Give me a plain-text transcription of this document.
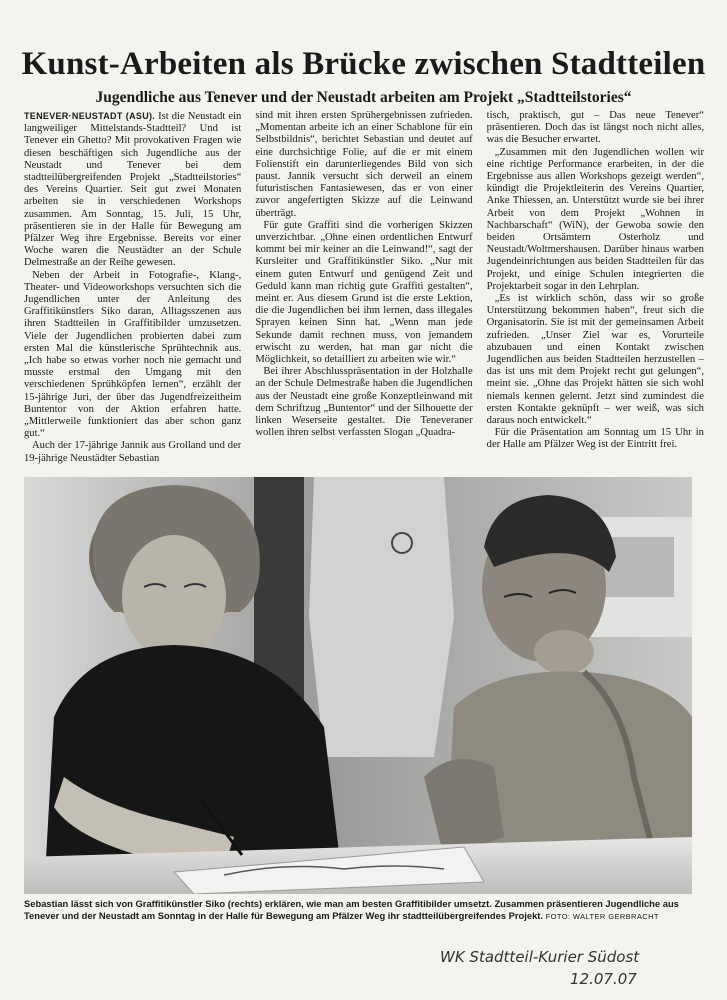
Kunst-Arbeiten als Brücke zwischen Stadtteilen
Jugendliche aus Tenever und der Neustadt arbeiten am Projekt „Stadtteilstories“

TENEVER·NEUSTADT (ASU). Ist die Neustadt ein langweiliger Mittelstands-Stadtteil? Und ist Tenever ein Ghetto? Mit provokativen Fragen wie diesen beschäftigen sich Jugendliche aus der Neustadt und Tenever bei dem stadtteilübergreifenden Projekt „Stadtteilstories“ des Vereins Quartier. Seit gut zwei Monaten arbeiten sie in verschiedenen Workshops zusammen. Am Sonntag, 15. Juli, 15 Uhr, präsentieren sie in der Halle für Bewegung am Pfälzer Weg ihre Ergebnisse. Bereits vor einer Woche waren die Neustädter an der Schule Delmestraße an der Reihe gewesen.

Neben der Arbeit in Fotografie-, Klang-, Theater- und Videoworkshops versuchten sich die Jugendlichen unter der Anleitung des Graffitikünstlers Siko daran, Alltagsszenen aus ihren Stadtteilen in Graffitibilder umzusetzen. Viele der Jugendlichen probierten dabei zum ersten Mal die künstlerische Sprühtechnik aus. „Ich habe so etwas vorher noch nie gemacht und musste erstmal den Umgang mit den verschiedenen Sprühköpfen lernen“, erzählt der 15-jährige Juri, der über das Jugendfreizeitheim Buntentor von der Aktion erfahren hatte. „Mittlerweile funktioniert das aber schon ganz gut.“

Auch der 17-jährige Jannik aus Grolland und der 19-jährige Neustädter Sebastian

sind mit ihren ersten Sprühergebnissen zufrieden. „Momentan arbeite ich an einer Schablone für ein Selbstbildnis“, berichtet Sebastian und deutet auf eine durchsichtige Folie, auf die er mit einem Folienstift ein darunterliegendes Bild von sich paust. Jannik versucht sich derweil an einem futuristischen Fantasiewesen, das er von einer zuvor angefertigten Skizze auf die Leinwand überträgt.

Für gute Graffiti sind die vorherigen Skizzen unverzichtbar. „Ohne einen ordentlichen Entwurf kommt bei mir keiner an die Leinwand!“, sagt der Kursleiter und Graffitikünstler Siko. „Nur mit einem guten Entwurf und genügend Zeit und Geduld kann man richtig gute Graffiti gestalten“, meint er. Aus diesem Grund ist die erste Lektion, die die Jugendlichen bei ihm lernen, dass illegales Sprayen keinen Sinn hat. „Wenn man jede Sekunde damit rechnen muss, von jemandem erwischt zu werden, hat man gar nicht die Möglichkeit, so detailliert zu arbeiten wie wir.“

Bei ihrer Abschlusspräsentation in der Holzhalle an der Schule Delmestraße haben die Jugendlichen aus der Neustadt eine große Konzeptleinwand mit dem Schriftzug „Buntentor“ und der Silhouette der linken Weserseite gestaltet. Die Teneveraner wollen ihren selbst verfassten Slogan „Quadra-

tisch, praktisch, gut – Das neue Tenever“ präsentieren. Doch das ist längst noch nicht alles, was die Besucher erwartet.

„Zusammen mit den Jugendlichen wollen wir eine richtige Performance erarbeiten, in der die Ergebnisse aus allen Workshops gezeigt werden“, kündigt die Projektleiterin des Vereins Quartier, Anke Thiessen, an. Unterstützt wurde sie bei ihrer Arbeit von dem Projekt „Wohnen in Nachbarschaft“ (WiN), der Gewoba sowie den beiden Ortsämtern Osterholz und Neustadt/Woltmershausen. Darüber hinaus warben Jugendeinrichtungen aus beiden Stadtteilen für das Projekt, und einige Schulen integrierten die Projektarbeit sogar in den Lehrplan.

„Es ist wirklich schön, dass wir so große Unterstützung bekommen haben“, freut sich die Organisatorin. Sie ist mit der gemeinsamen Arbeit zufrieden. „Unser Ziel war es, Vorurteile abzubauen und einen Kontakt zwischen Jugendlichen aus beiden Stadtteilen herzustellen – das ist uns mit dem Projekt recht gut gelungen“, meint sie. „Ohne das Projekt hätten sie sich wohl niemals kennen gelernt. Jetzt sind zumindest die ersten Kontakte geknüpft – wer weiß, was sich daraus noch entwickelt.“

Für die Präsentation am Sonntag um 15 Uhr in der Halle am Pfälzer Weg ist der Eintritt frei.

Sebastian lässt sich von Graffitikünstler Siko (rechts) erklären, wie man am besten Graffitibilder umsetzt. Zusammen präsentieren Jugendliche aus Tenever und der Neustadt am Sonntag in der Halle für Bewegung am Pfälzer Weg ihr stadtteilübergreifendes Projekt. FOTO: WALTER GERBRACHT
WK Stadtteil-Kurier Südost
12.07.07
